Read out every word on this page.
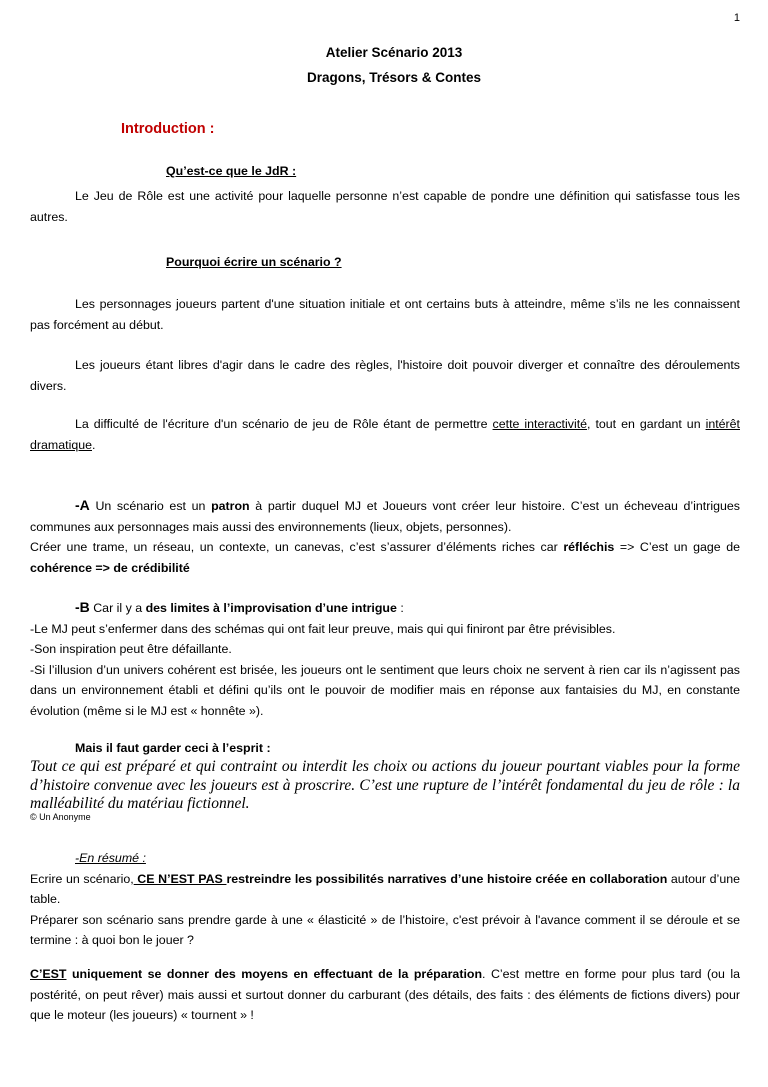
1
Atelier Scénario 2013
Dragons, Trésors & Contes
Introduction :
Qu’est-ce que le JdR :

Le Jeu de Rôle est une activité pour laquelle personne n’est capable de pondre une définition qui satisfasse tous les autres.

Pourquoi écrire un scénario ?

Les personnages joueurs partent d'une situation initiale et ont certains buts à atteindre, même s’ils ne les connaissent pas forcément au début.

Les joueurs étant libres d'agir dans le cadre des règles, l'histoire doit pouvoir diverger et connaître des déroulements divers.

La difficulté de l'écriture d'un scénario de jeu de Rôle étant de permettre cette interactivité, tout en gardant un intérêt dramatique.

-A Un scénario est un patron à partir duquel MJ et Joueurs vont créer leur histoire. C’est un écheveau d’intrigues communes aux personnages mais aussi des environnements (lieux, objets, personnes).

Créer une trame, un réseau, un contexte, un canevas, c’est s’assurer d’éléments riches car réfléchis => C’est un gage de cohérence => de crédibilité

-B Car il y a des limites à l’improvisation d’une intrigue :

-Le MJ peut s’enfermer dans des schémas qui ont fait leur preuve, mais qui qui finiront par être prévisibles.

-Son inspiration peut être défaillante.

-Si l’illusion d’un univers cohérent est brisée, les joueurs ont le sentiment que leurs choix ne servent à rien car ils n’agissent pas dans un environnement établi et défini qu’ils ont le pouvoir de modifier mais en réponse aux fantaisies du MJ, en constante évolution (même si le MJ est « honnête »).

Mais il faut garder ceci à l’esprit :

Tout ce qui est préparé et qui contraint ou interdit les choix ou actions du joueur pourtant viables pour la forme d’histoire convenue avec les joueurs est à proscrire. C’est une rupture de l’intérêt fondamental du jeu de rôle : la malléabilité du matériau fictionnel.
© Un Anonyme

-En résumé :

Ecrire un scénario, CE N’EST PAS restreindre les possibilités narratives d’une histoire créée en collaboration autour d’une table.

Préparer son scénario sans prendre garde à une « élasticité » de l’histoire, c'est prévoir à l'avance comment il se déroule et se termine : à quoi bon le jouer ?

C’EST uniquement se donner des moyens en effectuant de la préparation. C’est mettre en forme pour plus tard (ou la postérité, on peut rêver) mais aussi et surtout donner du carburant (des détails, des faits : des éléments de fictions divers) pour que le moteur (les joueurs) « tournent » !
